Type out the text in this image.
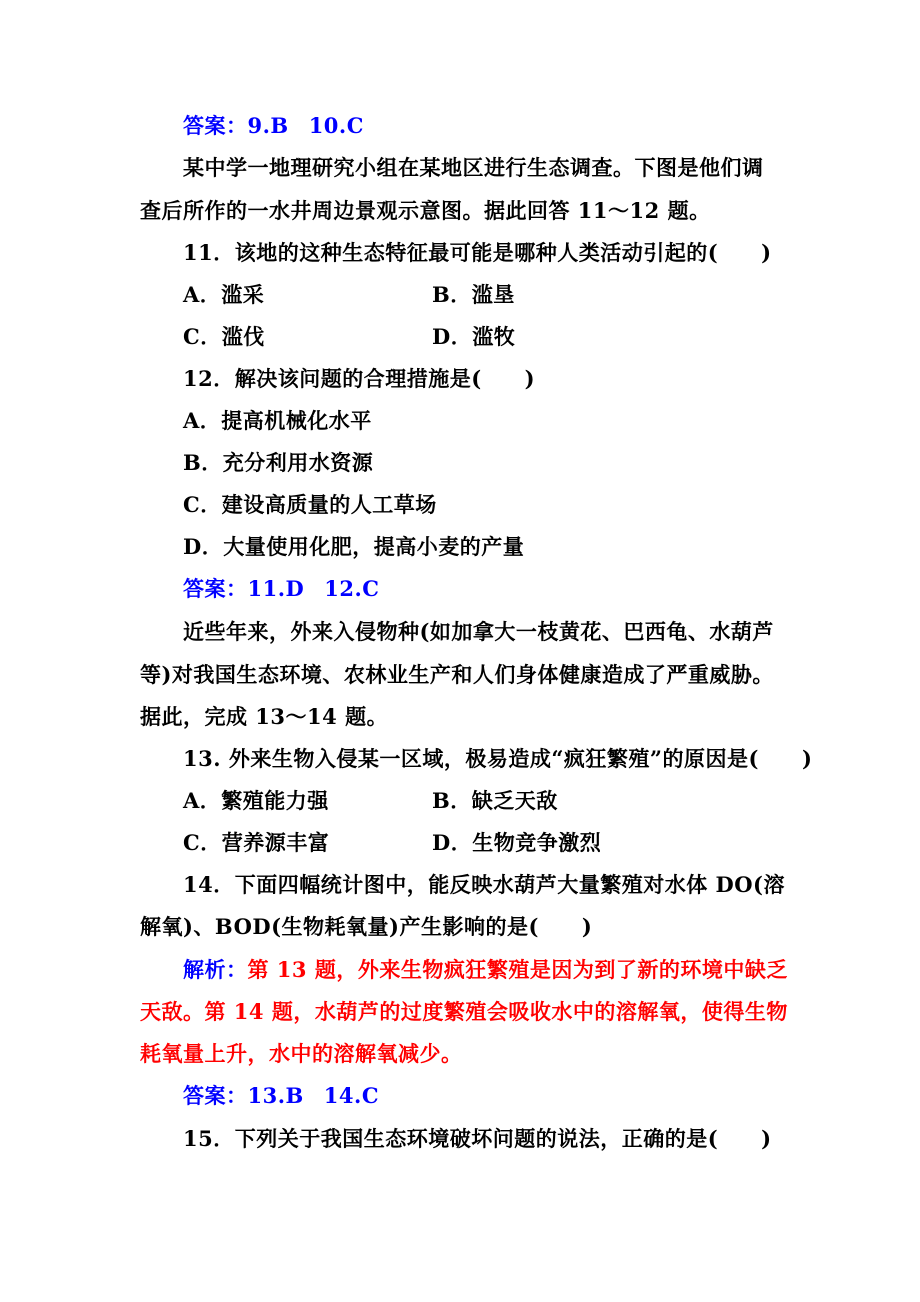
答案：9.B 10.C
某中学一地理研究小组在某地区进行生态调查。下图是他们调
查后所作的一水井周边景观示意图。据此回答 11～12 题。
11．该地的这种生态特征最可能是哪种人类活动引起的(　　)
A．滥采	B．滥垦
C．滥伐	D．滥牧
12．解决该问题的合理措施是(　　)
A．提高机械化水平
B．充分利用水资源
C．建设高质量的人工草场
D．大量使用化肥，提高小麦的产量
答案：11.D 12.C
近些年来，外来入侵物种(如加拿大一枝黄花、巴西龟、水葫芦
等)对我国生态环境、农林业生产和人们身体健康造成了严重威胁。
据此，完成 13～14 题。
13. 外来生物入侵某一区域，极易造成“疯狂繁殖”的原因是(　　)
A．繁殖能力强	B．缺乏天敌
C．营养源丰富	D．生物竞争激烈
14．下面四幅统计图中，能反映水葫芦大量繁殖对水体 DO(溶
解氧)、BOD(生物耗氧量)产生影响的是(　　)
解析：第 13 题，外来生物疯狂繁殖是因为到了新的环境中缺乏
天敌。第 14 题，水葫芦的过度繁殖会吸收水中的溶解氧，使得生物
耗氧量上升，水中的溶解氧减少。
答案：13.B 14.C
15．下列关于我国生态环境破坏问题的说法，正确的是(　　)
